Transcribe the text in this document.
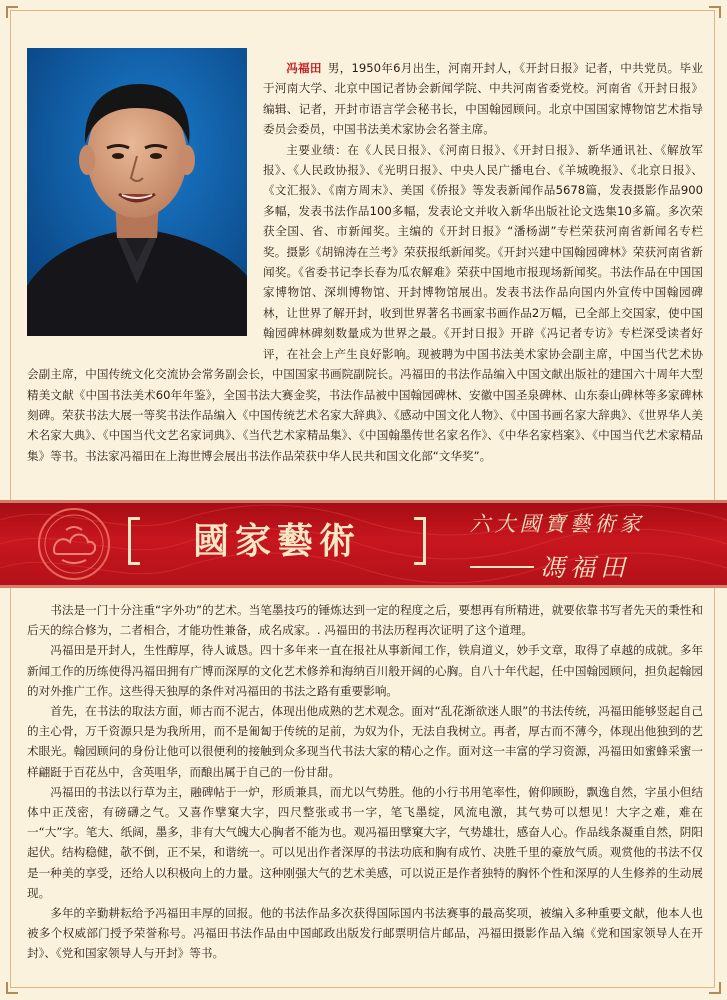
冯福田 男，1950年6月出生，河南开封人，《开封日报》记者，中共党员。毕业于河南大学、北京中国记者协会新闻学院、中共河南省委党校。河南省《开封日报》编辑、记者，开封市语言学会秘书长，中国翰园顾问。北京中国国家博物馆艺术指导委员会委员，中国书法美术家协会名誉主席。

主要业绩：在《人民日报》、《河南日报》、《开封日报》、新华通讯社、《解放军报》、《人民政协报》、《光明日报》、中央人民广播电台、《羊城晚报》、《北京日报》、《文汇报》、《南方周末》、美国《侨报》等发表新闻作品5678篇，发表摄影作品900多幅，发表书法作品100多幅，发表论文并收入新华出版社论文选集10多篇。多次荣获全国、省、市新闻奖。主编的《开封日报》“潘杨湖”专栏荣获河南省新闻名专栏奖。摄影《胡锦涛在兰考》荣获报纸新闻奖。《开封兴建中国翰园碑林》荣获河南省新闻奖。《省委书记李长春为瓜农解难》荣获中国地市报现场新闻奖。书法作品在中国国家博物馆、深圳博物馆、开封博物馆展出。发表书法作品向国内外宣传中国翰园碑林，让世界了解开封，收到世界著名书画家书画作品2万幅，已全部上交国家，使中国翰园碑林碑刻数量成为世界之最。《开封日报》开辟《冯记者专访》专栏深受读者好评，在社会上产生良好影响。现被聘为中国书法美术家协会副主席，中国当代艺术协会副主席，中国传统文化交流协会常务副会长，中国国家书画院副院长。冯福田的书法作品编入中国文献出版社的建国六十周年大型精美文献《中国书法美术60年年鉴》，全国书法大赛金奖，书法作品被中国翰园碑林、安徽中国圣泉碑林、山东泰山碑林等多家碑林刻碑。荣获书法大展一等奖书法作品编入《中国传统艺术名家大辞典》、《感动中国文化人物》、《中国书画名家大辞典》、《世界华人美术名家大典》、《中国当代文艺名家词典》、《当代艺术家精品集》、《中国翰墨传世名家名作》、《中华名家档案》、《中国当代艺术家精品集》等书。书法家冯福田在上海世博会展出书法作品荣获中华人民共和国文化部“文华奖”。

國家藝術	六大國寶藝術家
馮福田

书法是一门十分注重“字外功”的艺术。当笔墨技巧的锤炼达到一定的程度之后，要想再有所精进，就要依靠书写者先天的秉性和后天的综合修为，二者相合，才能功性兼备，成名成家。. 冯福田的书法历程再次证明了这个道理。

冯福田是开封人，生性醇厚，待人诚恳。四十多年来一直在报社从事新闻工作，铁肩道义，妙手文章，取得了卓越的成就。多年新闻工作的历练使得冯福田拥有广博而深厚的文化艺术修养和海纳百川般开阔的心胸。自八十年代起，任中国翰园顾问，担负起翰园的对外推广工作。这些得天独厚的条件对冯福田的书法之路有重要影响。

首先，在书法的取法方面，师古而不泥古，体现出他成熟的艺术观念。面对“乱花渐欲迷人眼”的书法传统，冯福田能够竖起自己的主心骨，万千资源只是为我所用，而不是匍匐于传统的足前，为奴为仆，无法自我树立。再者，厚古而不薄今，体现出他独到的艺术眼光。翰园顾问的身份让他可以很便利的接触到众多现当代书法大家的精心之作。面对这一丰富的学习资源，冯福田如蜜蜂采蜜一样翩跹于百花丛中，含英咀华，而酿出属于自己的一份甘甜。

冯福田的书法以行草为主，融碑帖于一炉，形质兼具，而尤以气势胜。他的小行书用笔率性，俯仰顾盼，飘逸自然，字虽小但结体中正茂密，有磅礴之气。又喜作擘窠大字，四尺整张或书一字，笔飞墨绽，风流电激，其气势可以想见！大字之难，难在一“大”字。笔大、纸阔，墨多，非有大气魄大心胸者不能为也。观冯福田擘窠大字，气势雄壮，感奋人心。作品线条凝重自然，阴阳起伏。结构稳健，欹不倒，正不呆，和谐统一。可以见出作者深厚的书法功底和胸有成竹、决胜千里的豪放气质。观赏他的书法不仅是一种美的享受，还给人以积极向上的力量。这种刚强大气的艺术美感，可以说正是作者独特的胸怀个性和深厚的人生修养的生动展现。

多年的辛勤耕耘给予冯福田丰厚的回报。他的书法作品多次获得国际国内书法赛事的最高奖项，被编入多种重要文献，他本人也被多个权威部门授予荣誉称号。冯福田书法作品由中国邮政出版发行邮票明信片邮品，冯福田摄影作品入编《党和国家领导人在开封》、《党和国家领导人与开封》等书。
